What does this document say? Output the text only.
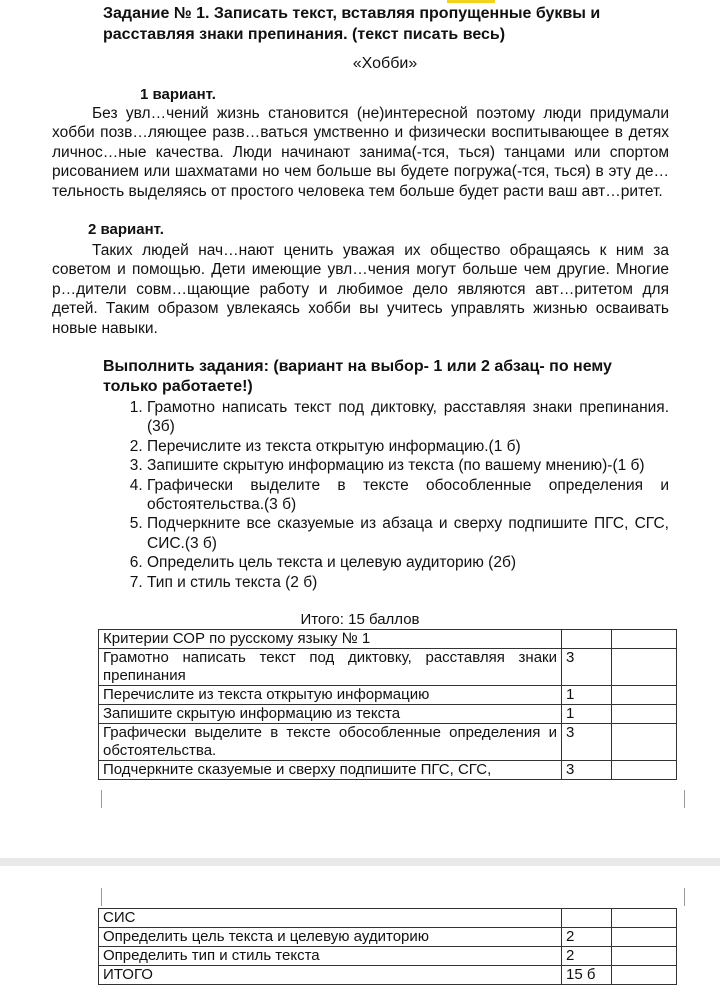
Задание № 1. Записать текст, вставляя пропущенные буквы и расставляя знаки препинания. (текст писать весь)

«Хобби»

1 вариант.

Без увл…чений жизнь становится (не)интересной поэтому люди придумали хобби позв…ляющее разв…ваться умственно и физически воспитывающее в детях личнос…ные качества. Люди начинают занима(-тся, ться) танцами или спортом рисованием или шахматами но чем больше вы будете погружа(-тся, ться) в эту де…тельность выделяясь от простого человека тем больше будет расти ваш авт…ритет.

2 вариант.

Таких людей нач…нают ценить уважая их общество обращаясь к ним за советом и помощью. Дети имеющие увл…чения могут больше чем другие. Многие р…дители совм…щающие работу и любимое дело являются авт…ритетом для детей. Таким образом увлекаясь хобби вы учитесь управлять жизнью осваивать новые навыки.

Выполнить задания: (вариант на выбор- 1 или 2 абзац- по нему только работаете!)

1. Грамотно написать текст под диктовку, расставляя знаки препинания.(3б)
2. Перечислите из текста открытую информацию.(1 б)
3. Запишите скрытую информацию из текста (по вашему мнению)-(1 б)
4. Графически выделите в тексте обособленные определения и обстоятельства.(3 б)
5. Подчеркните все сказуемые из абзаца и сверху подпишите ПГС, СГС, СИС.(3 б)
6. Определить цель текста и целевую аудиторию (2б)
7. Тип и стиль текста (2 б)

Итого: 15 баллов

Критерии СОР по русскому языку № 1		
Грамотно написать текст под диктовку, расставляя знаки препинания	3	
Перечислите из текста открытую информацию	1	
Запишите скрытую информацию из текста	1	
Графически выделите в тексте обособленные определения и обстоятельства.	3	
Подчеркните сказуемые и сверху подпишите ПГС, СГС,	3	
СИС		
Определить цель текста и целевую аудиторию	2	
Определить тип и стиль текста	2	
ИТОГО	15 б	
